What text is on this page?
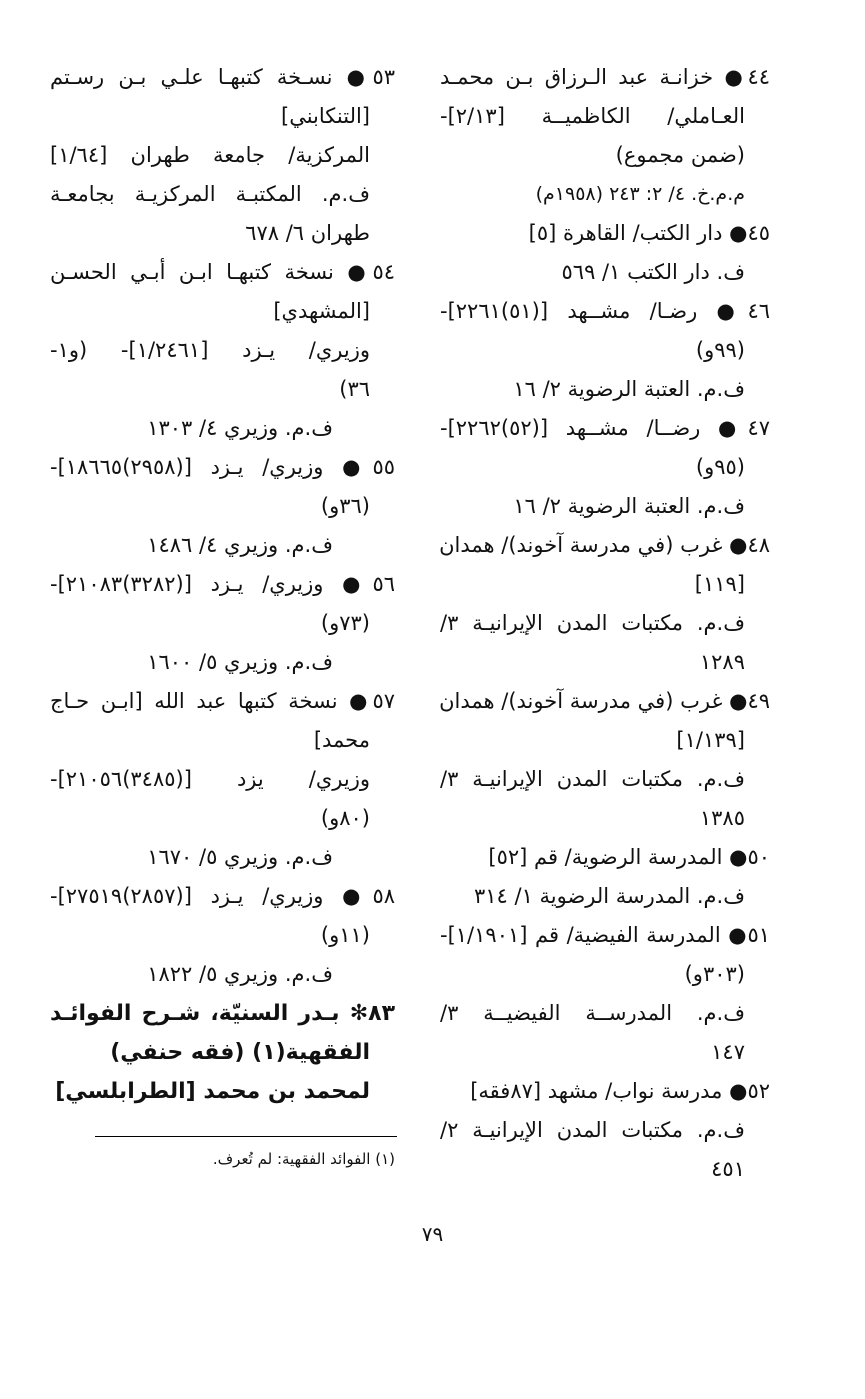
٤٤● خزانـة عبد الـرزاق بـن محمـد
العـاملي/ الكاظميــة [٢/١٣]-
(ضمن مجموع)
م.م.خ. ٤/ ٢: ٢٤٣ (١٩٥٨م)
٤٥● دار الكتب/ القاهرة [٥]
ف. دار الكتب ١/ ٥٦٩
٤٦● رضـا/ مشــهد [(٥١)٢٢٦١]-
(٩٩و)
ف.م. العتبة الرضوية ٢/ ١٦
٤٧● رضــا/ مشــهد [(٥٢)٢٢٦٢]-
(٩٥و)
ف.م. العتبة الرضوية ٢/ ١٦
٤٨● غرب (في مدرسة آخوند)/ همدان
[١١٩]
ف.م. مكتبات المدن الإيرانيـة ٣/
١٢٨٩
٤٩● غرب (في مدرسة آخوند)/ همدان
[١/١٣٩]
ف.م. مكتبات المدن الإيرانيـة ٣/
١٣٨٥
٥٠● المدرسة الرضوية/ قم [٥٢]
ف.م. المدرسة الرضوية ١/ ٣١٤
٥١● المدرسة الفيضية/ قم [١/١٩٠١]-
(٣٠٣و)
ف.م. المدرســة الفيضيــة ٣/
١٤٧
٥٢● مدرسة نواب/ مشهد [٨٧فقه]
ف.م. مكتبات المدن الإيرانيـة ٢/
٤٥١
٥٣● نسـخة كتبهـا علـي بـن رسـتم
[التنكابني]
المركزية/ جامعة طهران [١/٦٤]
ف.م. المكتبـة المركزيـة بجامعـة
طهران ٦/ ٦٧٨
٥٤● نسخة كتبهـا ابـن أبـي الحسـن
[المشهدي]
وزيري/ يـزد [١/٢٤٦١]- (و١-
٣٦)
ف.م. وزيري ٤/ ١٣٠٣
٥٥● وزيري/ يـزد [(٢٩٥٨)١٨٦٦٥]-
(٣٦و)
ف.م. وزيري ٤/ ١٤٨٦
٥٦● وزيري/ يـزد [(٣٢٨٢)٢١٠٨٣]-
(٧٣و)
ف.م. وزيري ٥/ ١٦٠٠
٥٧● نسخة كتبها عبد الله [ابـن حـاج
محمد]
وزيري/ يزد [(٣٤٨٥)٢١٠٥٦]-
(٨٠و)
ف.م. وزيري ٥/ ١٦٧٠
٥٨● وزيري/ يـزد [(٢٨٥٧)٢٧٥١٩]-
(١١و)
ف.م. وزيري ٥/ ١٨٢٢
٨٣✻ بـدر السنيّة، شـرح الفوائـد
الفقهية(١) (فقه حنفي)
لمحمد بن محمد [الطرابلسي]
(١) الفوائد الفقهية: لم تُعرف.
٧٩
